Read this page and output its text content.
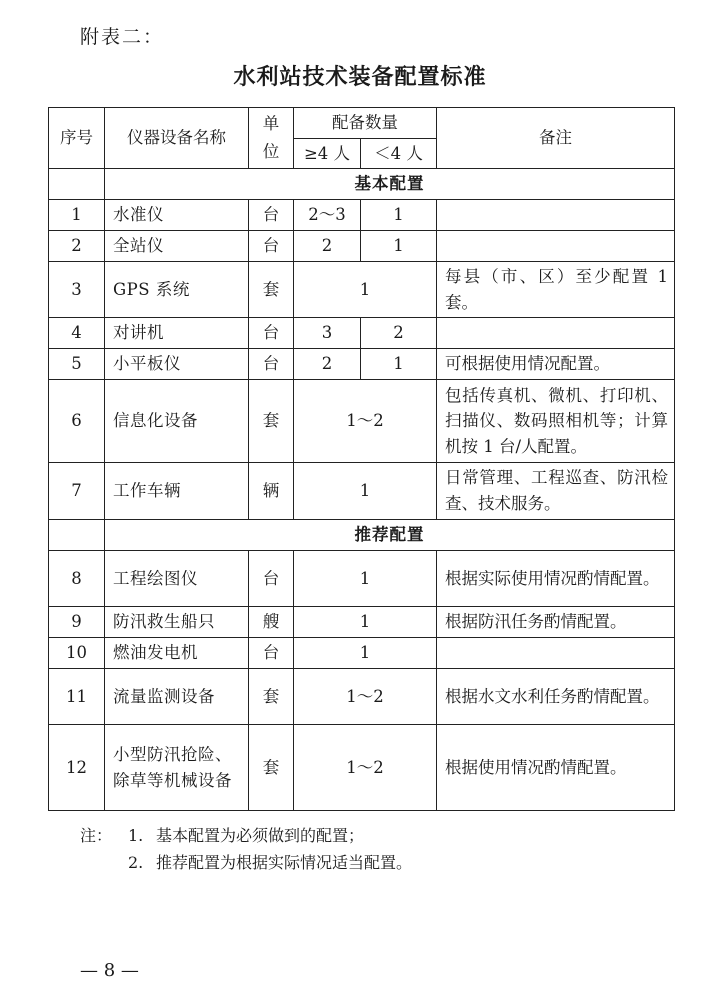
附表二：
水利站技术装备配置标准
序号	仪器设备名称	单位	配备数量		备注
			≥4 人	＜4 人	
	基本配置				
1	水准仪	台	2～3	1	
2	全站仪	台	2	1	
3	GPS 系统	套	1		每县（市、区）至少配置 1 套。
4	对讲机	台	3	2	
5	小平板仪	台	2	1	可根据使用情况配置。
6	信息化设备	套	1～2		包括传真机、微机、打印机、扫描仪、数码照相机等；计算机按 1 台/人配置。
7	工作车辆	辆	1		日常管理、工程巡查、防汛检查、技术服务。
	推荐配置				
8	工程绘图仪	台	1		根据实际使用情况酌情配置。
9	防汛救生船只	艘	1		根据防汛任务酌情配置。
10	燃油发电机	台	1		
11	流量监测设备	套	1～2		根据水文水利任务酌情配置。
12	小型防汛抢险、除草等机械设备	套	1～2		根据使用情况酌情配置。
注： 1. 基本配置为必须做到的配置；
2. 推荐配置为根据实际情况适当配置。
— 8 —
